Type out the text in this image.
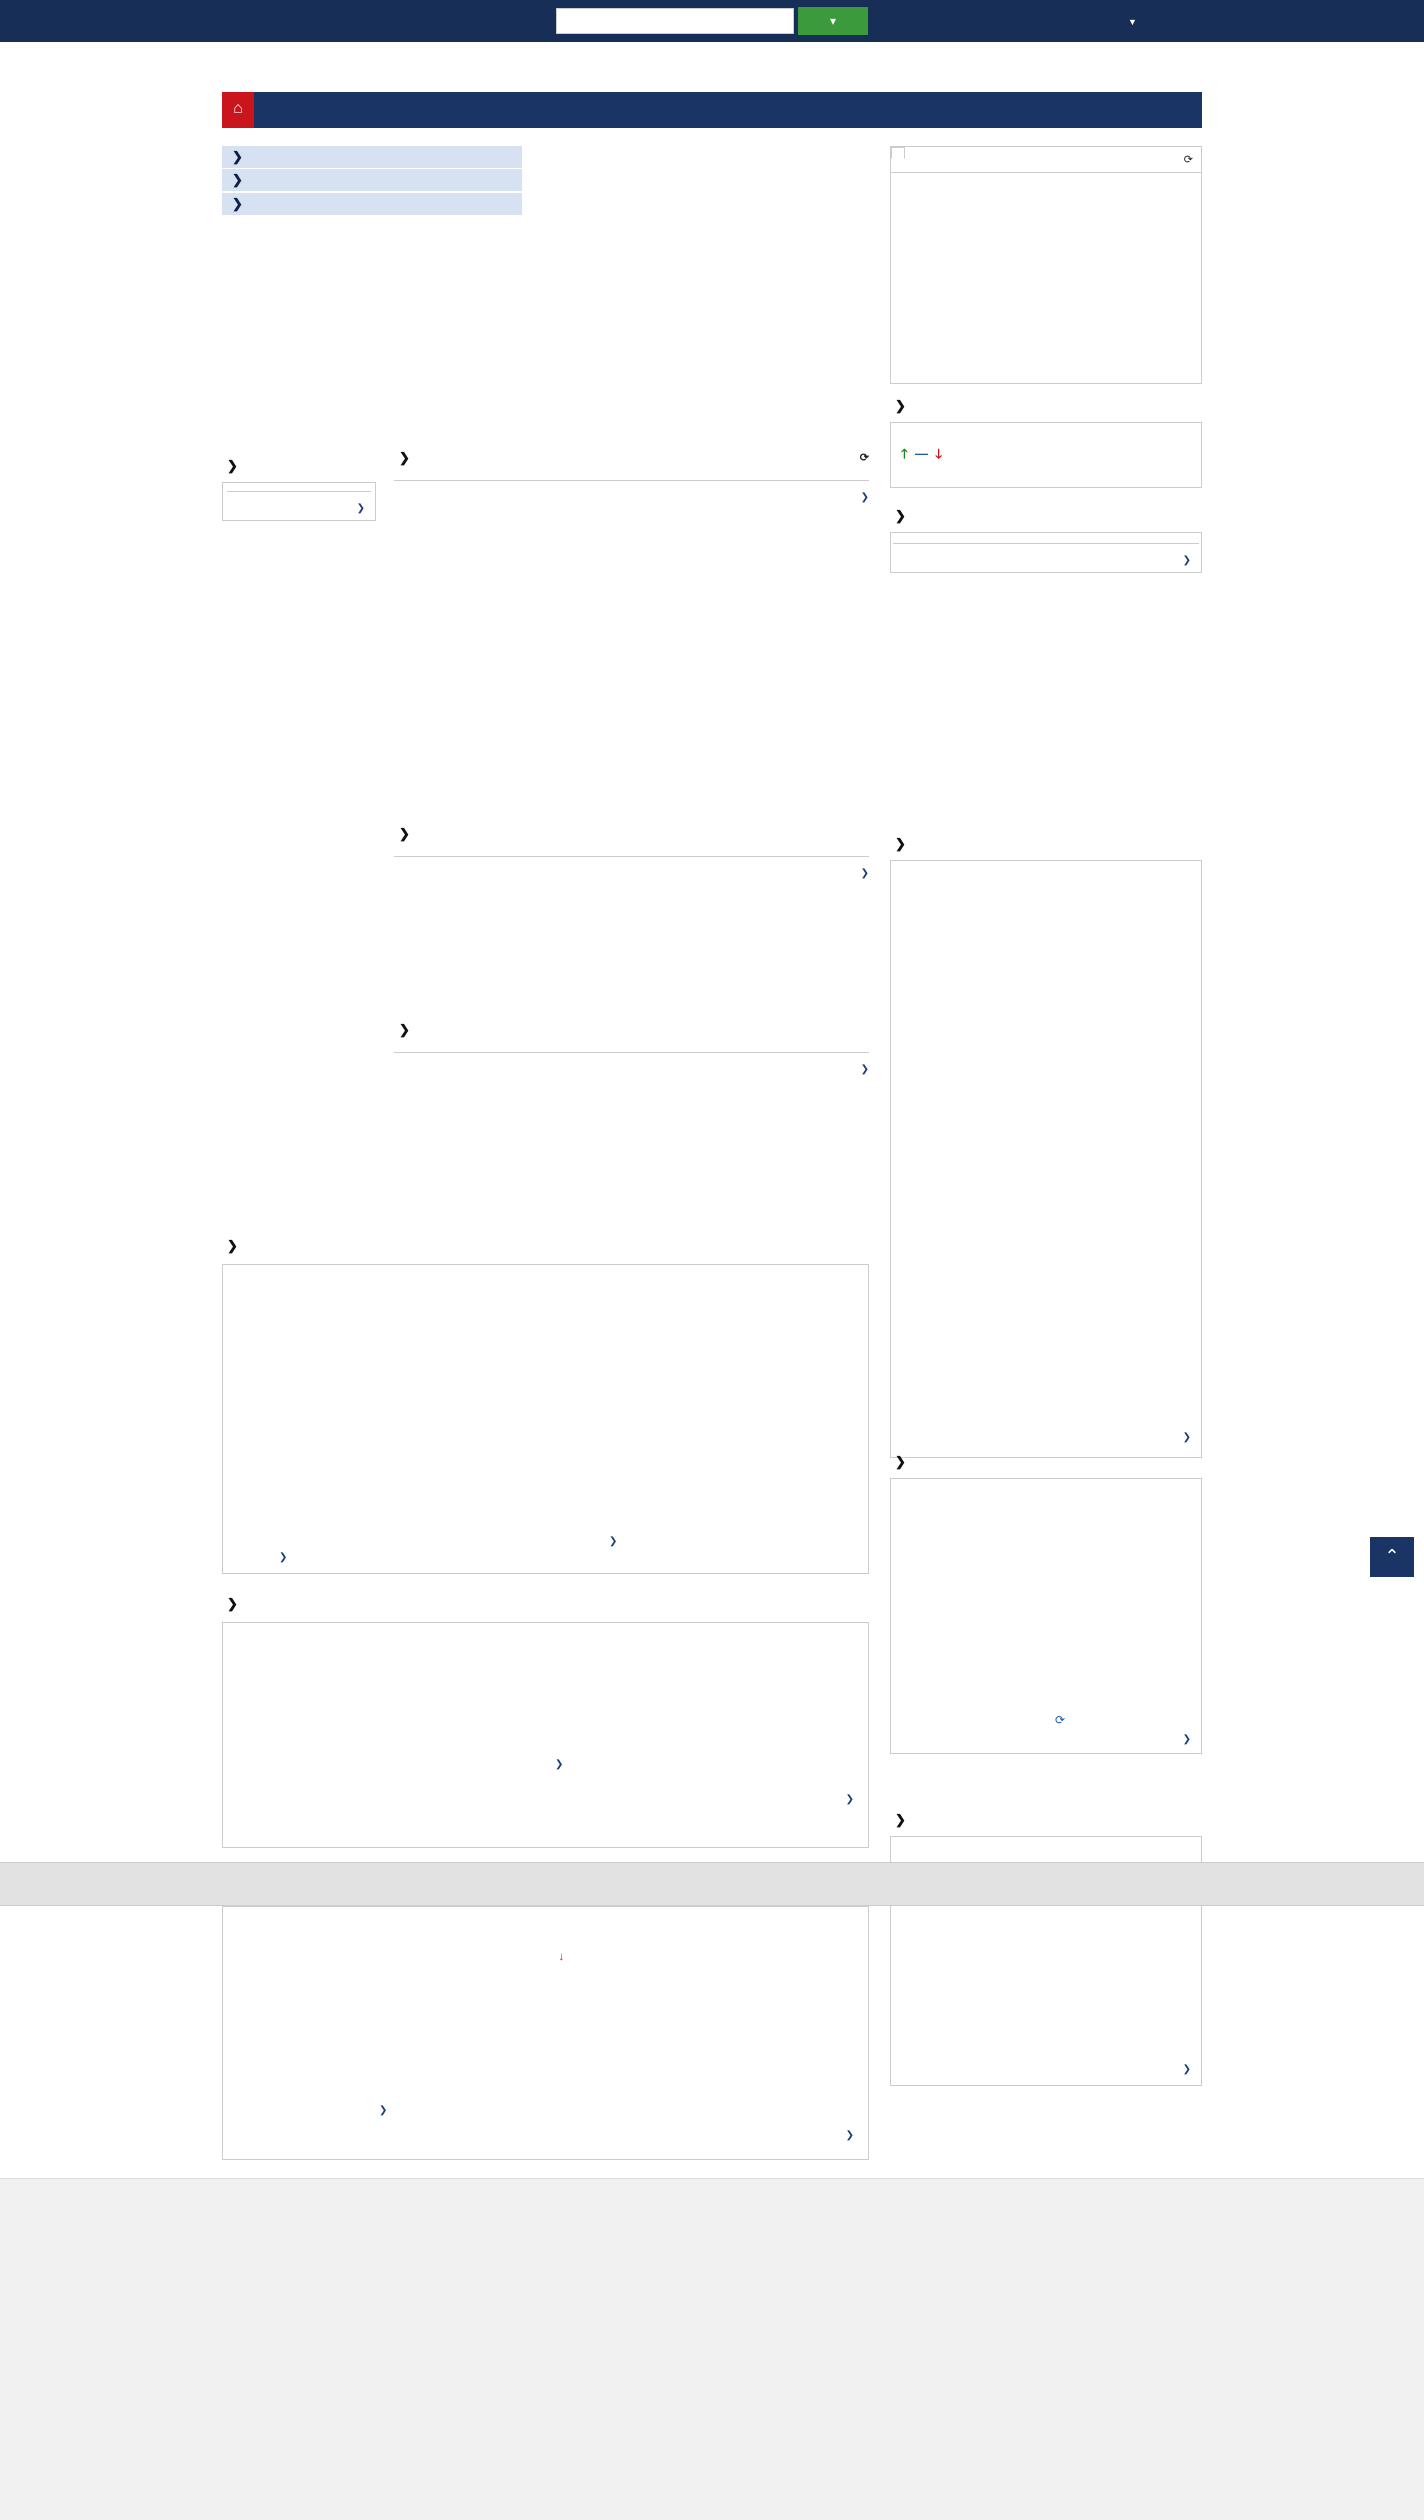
▾	▼
⌂
❯
❯
❯
❯

❯
❯
⟳

❯
❯

❯
❯

❯
❯
❯
❯
❯
❯
❯
↓

❯
❯
⟳

❯
🡑 — 🡓
❯

❯
❯

❯
❯
⟳
❯
❯

❯
⌃
